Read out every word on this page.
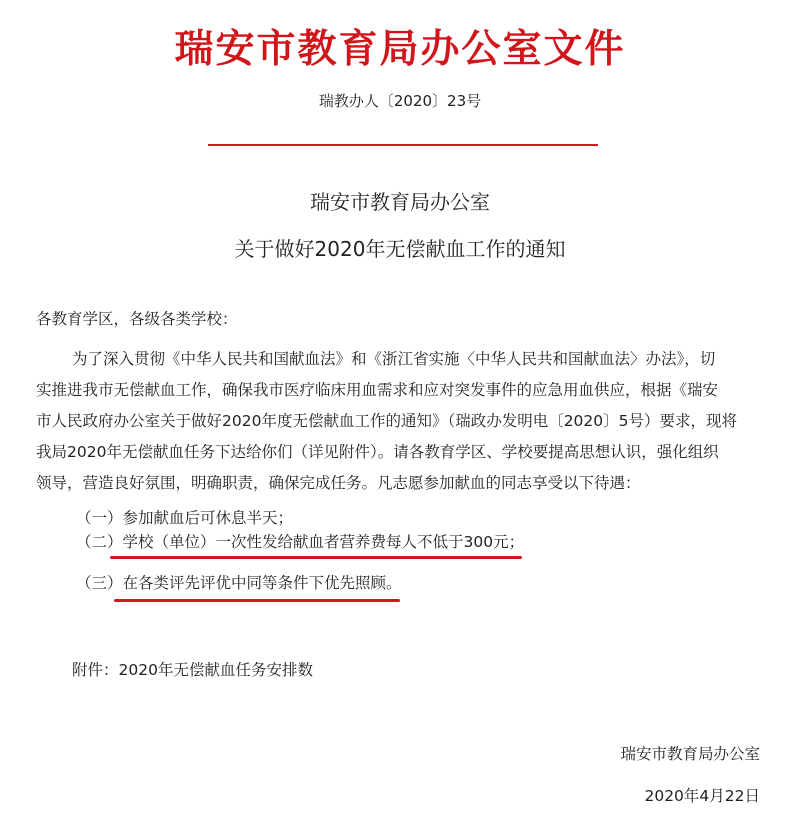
瑞安市教育局办公室文件
瑞教办人〔2020〕23号
瑞安市教育局办公室
关于做好2020年无偿献血工作的通知
各教育学区，各级各类学校：
为了深入贯彻《中华人民共和国献血法》和《浙江省实施〈中华人民共和国献血法〉办法》，切
实推进我市无偿献血工作，确保我市医疗临床用血需求和应对突发事件的应急用血供应，根据《瑞安
市人民政府办公室关于做好2020年度无偿献血工作的通知》（瑞政办发明电〔2020〕5号）要求，现将
我局2020年无偿献血任务下达给你们（详见附件）。请各教育学区、学校要提高思想认识，强化组织
领导，营造良好氛围，明确职责，确保完成任务。凡志愿参加献血的同志享受以下待遇：
（一）参加献血后可休息半天；
（二）学校（单位）一次性发给献血者营养费每人不低于300元；
（三）在各类评先评优中同等条件下优先照顾。
附件：2020年无偿献血任务安排数
瑞安市教育局办公室
2020年4月22日
